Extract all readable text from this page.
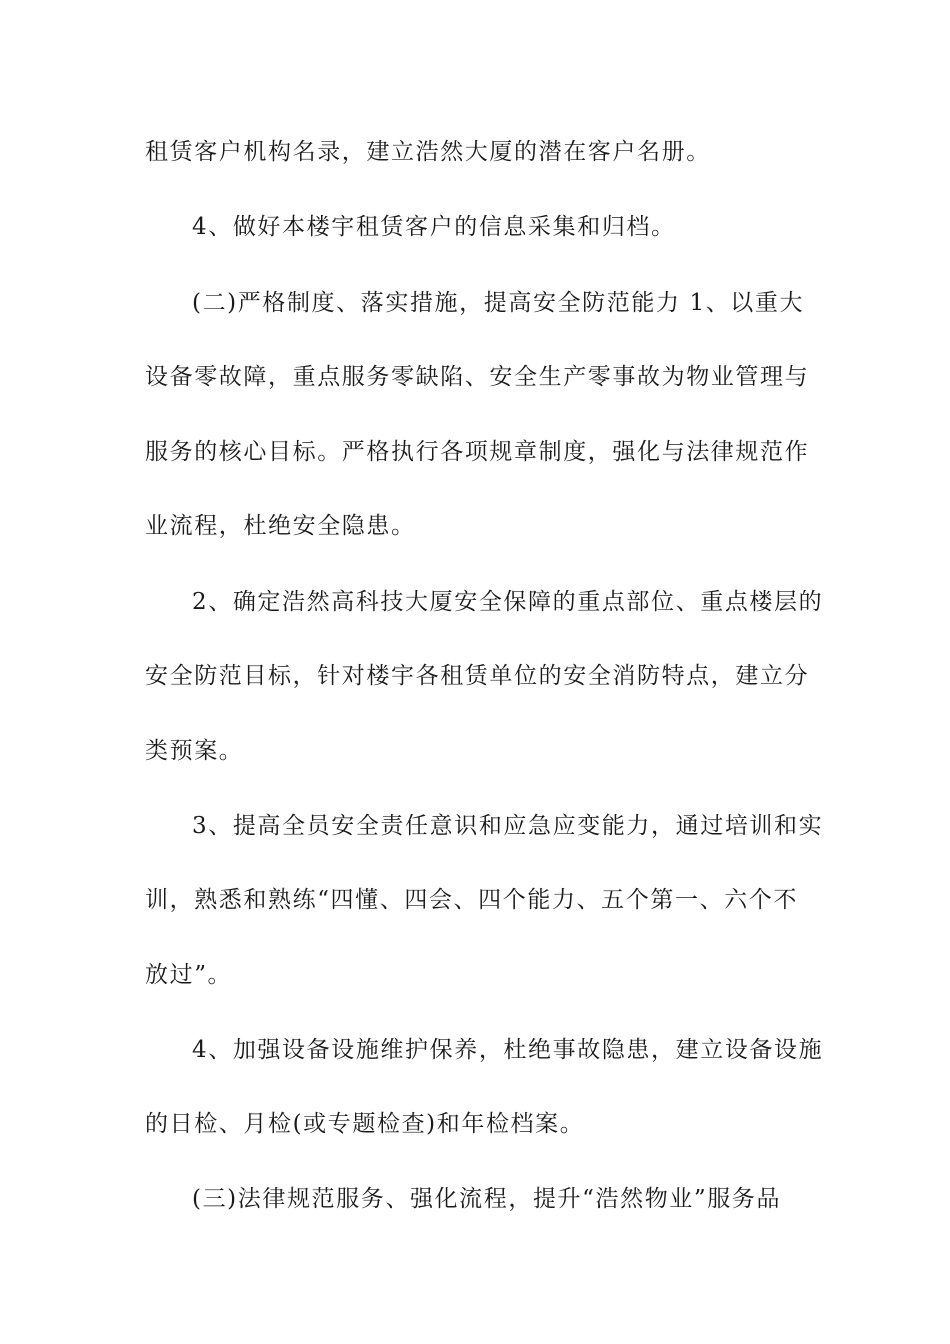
租赁客户机构名录，建立浩然大厦的潜在客户名册。
4、做好本楼宇租赁客户的信息采集和归档。
(二)严格制度、落实措施，提高安全防范能力 1、以重大
设备零故障，重点服务零缺陷、安全生产零事故为物业管理与
服务的核心目标。严格执行各项规章制度，强化与法律规范作
业流程，杜绝安全隐患。
2、确定浩然高科技大厦安全保障的重点部位、重点楼层的
安全防范目标，针对楼宇各租赁单位的安全消防特点，建立分
类预案。
3、提高全员安全责任意识和应急应变能力，通过培训和实
训，熟悉和熟练“四懂、四会、四个能力、五个第一、六个不
放过”。
4、加强设备设施维护保养，杜绝事故隐患，建立设备设施
的日检、月检(或专题检查)和年检档案。
(三)法律规范服务、强化流程，提升“浩然物业”服务品
